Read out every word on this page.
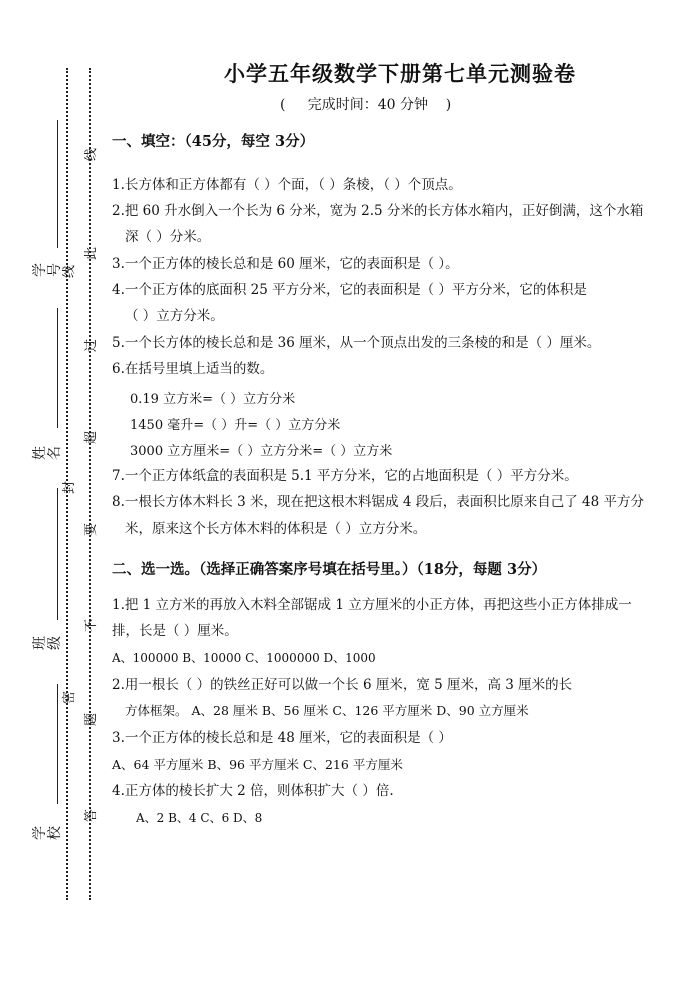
学号
姓名
班级
学校
线
封
密
线
此
过
超
要
不
题
答
小学五年级数学下册第七单元测验卷
(     完成时间：40 分钟    )
一、填空：（45分，每空 3分）
1.长方体和正方体都有（ ）个面，（ ）条棱，（ ）个顶点。
2.把 60 升水倒入一个长为 6 分米，宽为 2.5 分米的长方体水箱内，正好倒满，这个水箱
深（ ）分米。
3.一个正方体的棱长总和是 60 厘米，它的表面积是（ ）。
4.一个正方体的底面积 25 平方分米，它的表面积是（ ）平方分米，它的体积是
（ ）立方分米。
5.一个长方体的棱长总和是 36 厘米，从一个顶点出发的三条棱的和是（ ）厘米。
6.在括号里填上适当的数。
0.19 立方米=（ ）立方分米
1450 毫升=（ ）升=（ ）立方分米
3000 立方厘米=（ ）立方分米=（ ）立方米
7.一个正方体纸盒的表面积是 5.1 平方分米，它的占地面积是（ ）平方分米。
8.一根长方体木料长 3 米，现在把这根木料锯成 4 段后，表面积比原来自己了 48 平方分
米，原来这个长方体木料的体积是（ ）立方分米。
二、选一选。（选择正确答案序号填在括号里。）（18分，每题 3分）
1.把 1 立方米的再放入木料全部锯成 1 立方厘米的小正方体，再把这些小正方体排成一
排，长是（ ）厘米。
A、100000 B、10000 C、1000000 D、1000
2.用一根长（ ）的铁丝正好可以做一个长 6 厘米，宽 5 厘米，高 3 厘米的长
方体框架。 A、28 厘米 B、56 厘米 C、126 平方厘米 D、90 立方厘米
3.一个正方体的棱长总和是 48 厘米，它的表面积是（ ）
A、64 平方厘米 B、96 平方厘米 C、216 平方厘米
4.正方体的棱长扩大 2 倍，则体积扩大（ ）倍.
A、2 B、4 C、6 D、8
